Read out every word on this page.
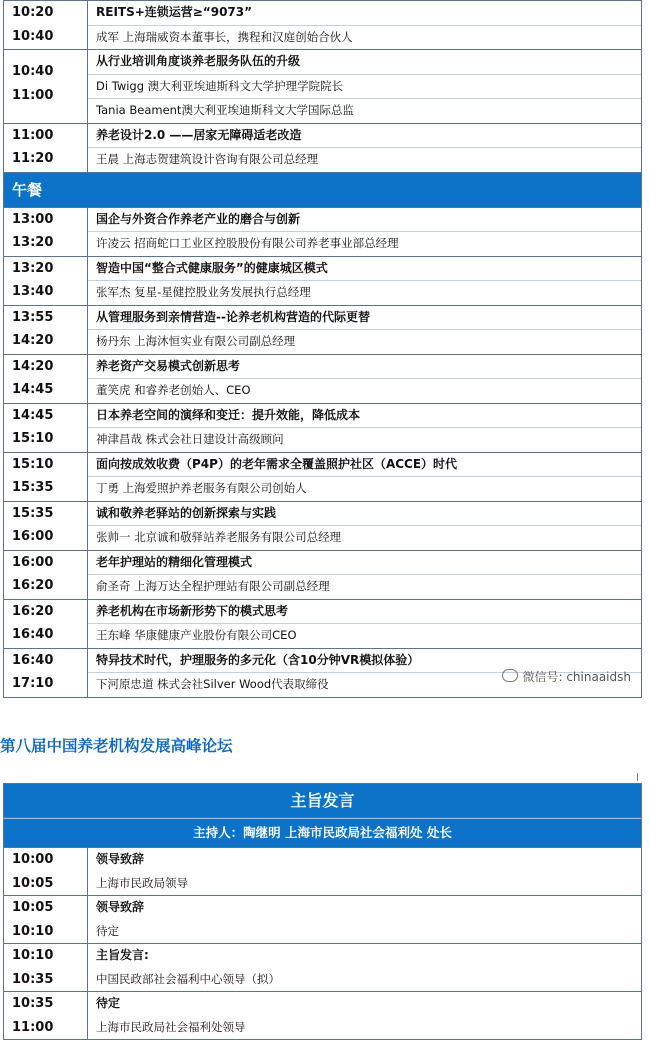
10:20
10:40
REITS+连锁运营≥“9073”
成军 上海瑞威资本董事长，携程和汉庭创始合伙人
10:40
11:00
从行业培训角度谈养老服务队伍的升级
Di Twigg 澳大利亚埃迪斯科文大学护理学院院长
Tania Beament澳大利亚埃迪斯科文大学国际总监
11:00
11:20
养老设计2.0 ——居家无障碍适老改造
王晨 上海志贺建筑设计咨询有限公司总经理
午餐
13:00
13:20
国企与外资合作养老产业的磨合与创新
许凌云 招商蛇口工业区控股股份有限公司养老事业部总经理
13:20
13:40
智造中国“整合式健康服务”的健康城区模式
张军杰 复星-星健控股业务发展执行总经理
13:55
14:20
从管理服务到亲情营造--论养老机构营造的代际更替
杨丹东 上海沐恒实业有限公司副总经理
14:20
14:45
养老资产交易模式创新思考
董笑虎 和睿养老创始人、CEO
14:45
15:10
日本养老空间的演绎和变迁：提升效能，降低成本
神津昌哉 株式会社日建设计高级顾问
15:10
15:35
面向按成效收费（P4P）的老年需求全覆盖照护社区（ACCE）时代
丁勇 上海爱照护养老服务有限公司创始人
15:35
16:00
诚和敬养老驿站的创新探索与实践
张帅一 北京诚和敬驿站养老服务有限公司总经理
16:00
16:20
老年护理站的精细化管理模式
俞圣奇 上海万达全程护理站有限公司副总经理
16:20
16:40
养老机构在市场新形势下的模式思考
王东峰 华康健康产业股份有限公司CEO
16:40
17:10
特异技术时代，护理服务的多元化（含10分钟VR模拟体验）
下河原忠道 株式会社Silver Wood代表取缔役
微信号: chinaaidsh
第八届中国养老机构发展高峰论坛
主旨发言
主持人：陶继明 上海市民政局社会福利处 处长
10:00
10:05
领导致辞
上海市民政局领导
10:05
10:10
领导致辞
待定
10:10
10:35
主旨发言:
中国民政部社会福利中心领导（拟）
10:35
11:00
待定
上海市民政局社会福利处领导
